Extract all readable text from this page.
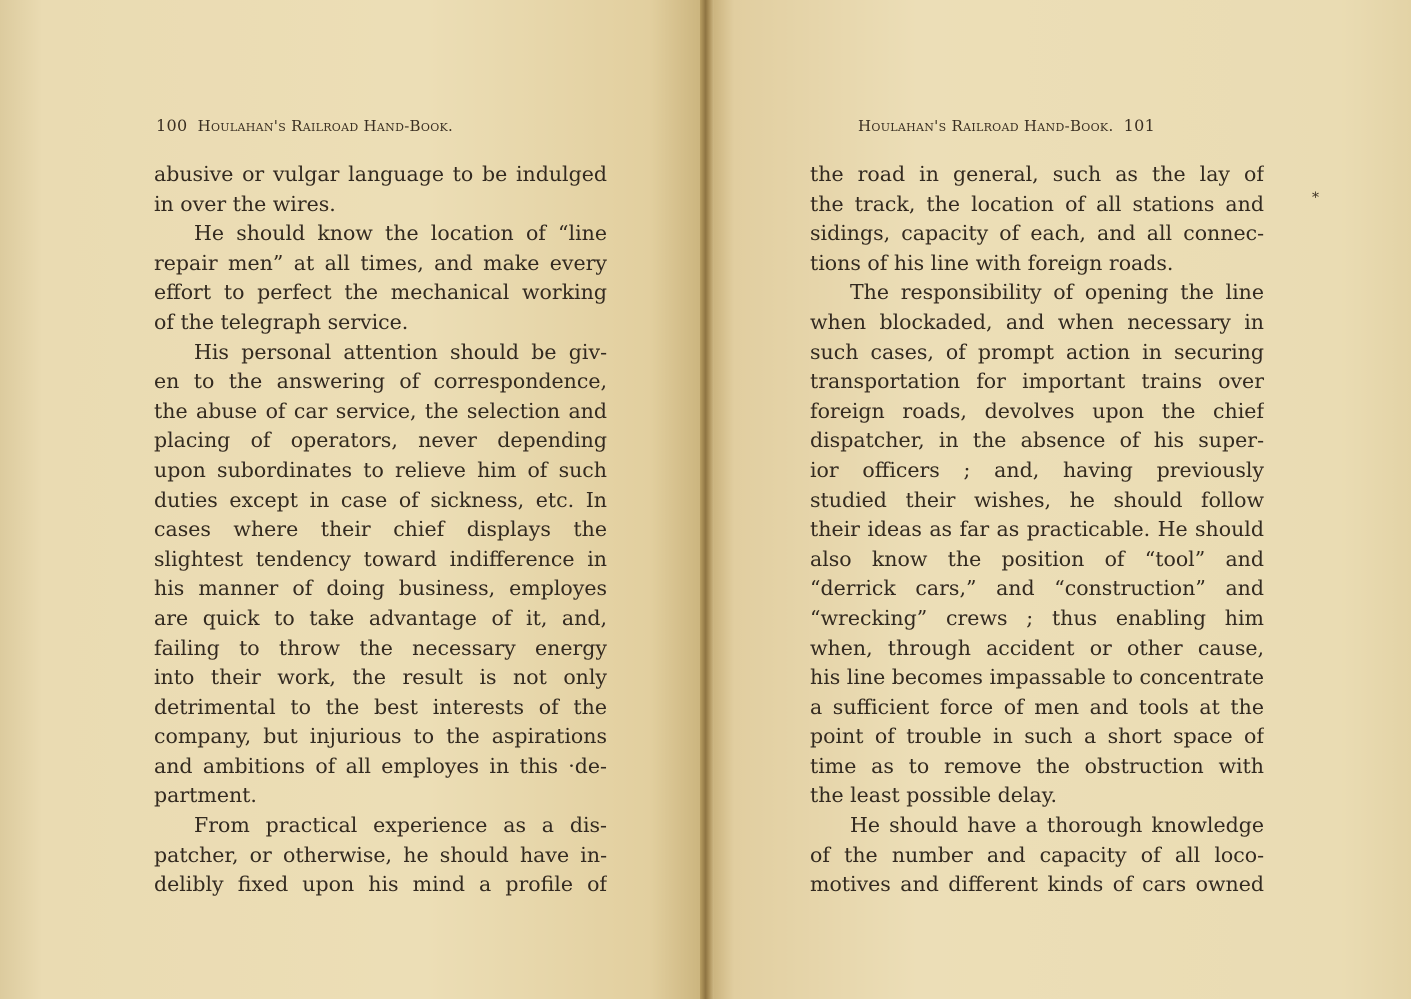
100 Houlahan's Railroad Hand-Book.
abusive or vulgar language to be indulged
in over the wires.
He should know the location of “line
repair men” at all times, and make every
effort to perfect the mechanical working
of the telegraph service.
His personal attention should be giv-
en to the answering of correspondence,
the abuse of car service, the selection and
placing of operators, never depending
upon subordinates to relieve him of such
duties except in case of sickness, etc. In
cases where their chief displays the
slightest tendency toward indifference in
his manner of doing business, employes
are quick to take advantage of it, and,
failing to throw the necessary energy
into their work, the result is not only
detrimental to the best interests of the
company, but injurious to the aspirations
and ambitions of all employes in this ·de-
partment.
From practical experience as a dis-
patcher, or otherwise, he should have in-
delibly fixed upon his mind a profile of
Houlahan's Railroad Hand-Book. 101
the road in general, such as the lay of
the track, the location of all stations and
sidings, capacity of each, and all connec-
tions of his line with foreign roads.
The responsibility of opening the line
when blockaded, and when necessary in
such cases, of prompt action in securing
transportation for important trains over
foreign roads, devolves upon the chief
dispatcher, in the absence of his super-
ior officers ; and, having previously
studied their wishes, he should follow
their ideas as far as practicable. He should
also know the position of “tool” and
“derrick cars,” and “construction” and
“wrecking” crews ; thus enabling him
when, through accident or other cause,
his line becomes impassable to concentrate
a sufficient force of men and tools at the
point of trouble in such a short space of
time as to remove the obstruction with
the least possible delay.
He should have a thorough knowledge
of the number and capacity of all loco-
motives and different kinds of cars owned
*
